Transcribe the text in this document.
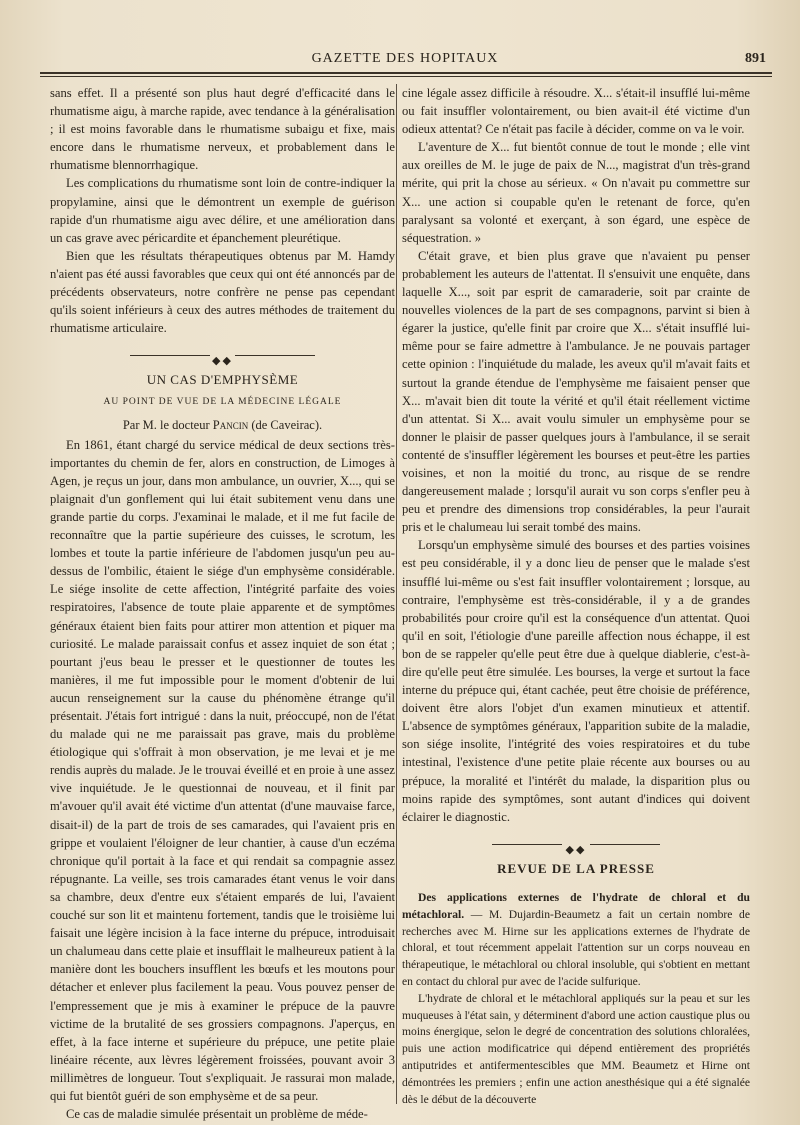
GAZETTE DES HOPITAUX	891

sans effet. Il a présenté son plus haut degré d'efficacité dans le rhumatisme aigu, à marche rapide, avec tendance à la généralisation ; il est moins favorable dans le rhumatisme subaigu et fixe, mais encore dans le rhumatisme nerveux, et probablement dans le rhumatisme blennorrhagique.

Les complications du rhumatisme sont loin de contre-indiquer la propylamine, ainsi que le démontrent un exemple de guérison rapide d'un rhumatisme aigu avec délire, et une amélioration dans un cas grave avec péricardite et épanchement pleurétique.

Bien que les résultats thérapeutiques obtenus par M. Hamdy n'aient pas été aussi favorables que ceux qui ont été annoncés par de précédents observateurs, notre confrère ne pense pas cependant qu'ils soient inférieurs à ceux des autres méthodes de traitement du rhumatisme articulaire.

◆◆
UN CAS D'EMPHYSÈME
AU POINT DE VUE DE LA MÉDECINE LÉGALE
Par M. le docteur Pancin (de Caveirac).

En 1861, étant chargé du service médical de deux sections très-importantes du chemin de fer, alors en construction, de Limoges à Agen, je reçus un jour, dans mon ambulance, un ouvrier, X..., qui se plaignait d'un gonflement qui lui était subitement venu dans une grande partie du corps. J'examinai le malade, et il me fut facile de reconnaître que la partie supérieure des cuisses, le scrotum, les lombes et toute la partie inférieure de l'abdomen jusqu'un peu au-dessus de l'ombilic, étaient le siége d'un emphysème considérable. Le siége insolite de cette affection, l'intégrité parfaite des voies respiratoires, l'absence de toute plaie apparente et de symptômes généraux étaient bien faits pour attirer mon attention et piquer ma curiosité. Le malade paraissait confus et assez inquiet de son état ; pourtant j'eus beau le presser et le questionner de toutes les manières, il me fut impossible pour le moment d'obtenir de lui aucun renseignement sur la cause du phénomène étrange qu'il présentait. J'étais fort intrigué : dans la nuit, préoccupé, non de l'état du malade qui ne me paraissait pas grave, mais du problème étiologique qui s'offrait à mon observation, je me levai et je me rendis auprès du malade. Je le trouvai éveillé et en proie à une assez vive inquiétude. Je le questionnai de nouveau, et il finit par m'avouer qu'il avait été victime d'un attentat (d'une mauvaise farce, disait-il) de la part de trois de ses camarades, qui l'avaient pris en grippe et voulaient l'éloigner de leur chantier, à cause d'un eczéma chronique qu'il portait à la face et qui rendait sa compagnie assez répugnante. La veille, ses trois camarades étant venus le voir dans sa chambre, deux d'entre eux s'étaient emparés de lui, l'avaient couché sur son lit et maintenu fortement, tandis que le troisième lui faisait une légère incision à la face interne du prépuce, introduisait un chalumeau dans cette plaie et insufflait le malheureux patient à la manière dont les bouchers insufflent les bœufs et les moutons pour détacher et enlever plus facilement la peau. Vous pouvez penser de l'empressement que je mis à examiner le prépuce de la pauvre victime de la brutalité de ses grossiers compagnons. J'aperçus, en effet, à la face interne et supérieure du prépuce, une petite plaie linéaire récente, aux lèvres légèrement froissées, pouvant avoir 3 millimètres de longueur. Tout s'expliquait. Je rassurai mon malade, qui fut bientôt guéri de son emphysème et de sa peur.

Ce cas de maladie simulée présentait un problème de méde-

cine légale assez difficile à résoudre. X... s'était-il insufflé lui-même ou fait insuffler volontairement, ou bien avait-il été victime d'un odieux attentat? Ce n'était pas facile à décider, comme on va le voir.

L'aventure de X... fut bientôt connue de tout le monde ; elle vint aux oreilles de M. le juge de paix de N..., magistrat d'un très-grand mérite, qui prit la chose au sérieux. « On n'avait pu commettre sur X... une action si coupable qu'en le retenant de force, qu'en paralysant sa volonté et exerçant, à son égard, une espèce de séquestration. »

C'était grave, et bien plus grave que n'avaient pu penser probablement les auteurs de l'attentat. Il s'ensuivit une enquête, dans laquelle X..., soit par esprit de camaraderie, soit par crainte de nouvelles violences de la part de ses compagnons, parvint si bien à égarer la justice, qu'elle finit par croire que X... s'était insufflé lui-même pour se faire admettre à l'ambulance. Je ne pouvais partager cette opinion : l'inquiétude du malade, les aveux qu'il m'avait faits et surtout la grande étendue de l'emphysème me faisaient penser que X... m'avait bien dit toute la vérité et qu'il était réellement victime d'un attentat. Si X... avait voulu simuler un emphysème pour se donner le plaisir de passer quelques jours à l'ambulance, il se serait contenté de s'insuffler légèrement les bourses et peut-être les parties voisines, et non la moitié du tronc, au risque de se rendre dangereusement malade ; lorsqu'il aurait vu son corps s'enfler peu à peu et prendre des dimensions trop considérables, la peur l'aurait pris et le chalumeau lui serait tombé des mains.

Lorsqu'un emphysème simulé des bourses et des parties voisines est peu considérable, il y a donc lieu de penser que le malade s'est insufflé lui-même ou s'est fait insuffler volontairement ; lorsque, au contraire, l'emphysème est très-considérable, il y a de grandes probabilités pour croire qu'il est la conséquence d'un attentat. Quoi qu'il en soit, l'étiologie d'une pareille affection nous échappe, il est bon de se rappeler qu'elle peut être due à quelque diablerie, c'est-à-dire qu'elle peut être simulée. Les bourses, la verge et surtout la face interne du prépuce qui, étant cachée, peut être choisie de préférence, doivent être alors l'objet d'un examen minutieux et attentif. L'absence de symptômes généraux, l'apparition subite de la maladie, son siége insolite, l'intégrité des voies respiratoires et du tube intestinal, l'existence d'une petite plaie récente aux bourses ou au prépuce, la moralité et l'intérêt du malade, la disparition plus ou moins rapide des symptômes, sont autant d'indices qui doivent éclairer le diagnostic.

◆◆
REVUE DE LA PRESSE

Des applications externes de l'hydrate de chloral et du métachloral. — M. Dujardin-Beaumetz a fait un certain nombre de recherches avec M. Hirne sur les applications externes de l'hydrate de chloral, et tout récemment appelait l'attention sur un corps nouveau en thérapeutique, le métachloral ou chloral insoluble, qui s'obtient en mettant en contact du chloral pur avec de l'acide sulfurique.

L'hydrate de chloral et le métachloral appliqués sur la peau et sur les muqueuses à l'état sain, y déterminent d'abord une action caustique plus ou moins énergique, selon le degré de concentration des solutions chloralées, puis une action modificatrice qui dépend entièrement des propriétés antiputrides et antifermentescibles que MM. Beaumetz et Hirne ont démontrées les premiers ; enfin une action anesthésique qui a été signalée dès le début de la découverte
